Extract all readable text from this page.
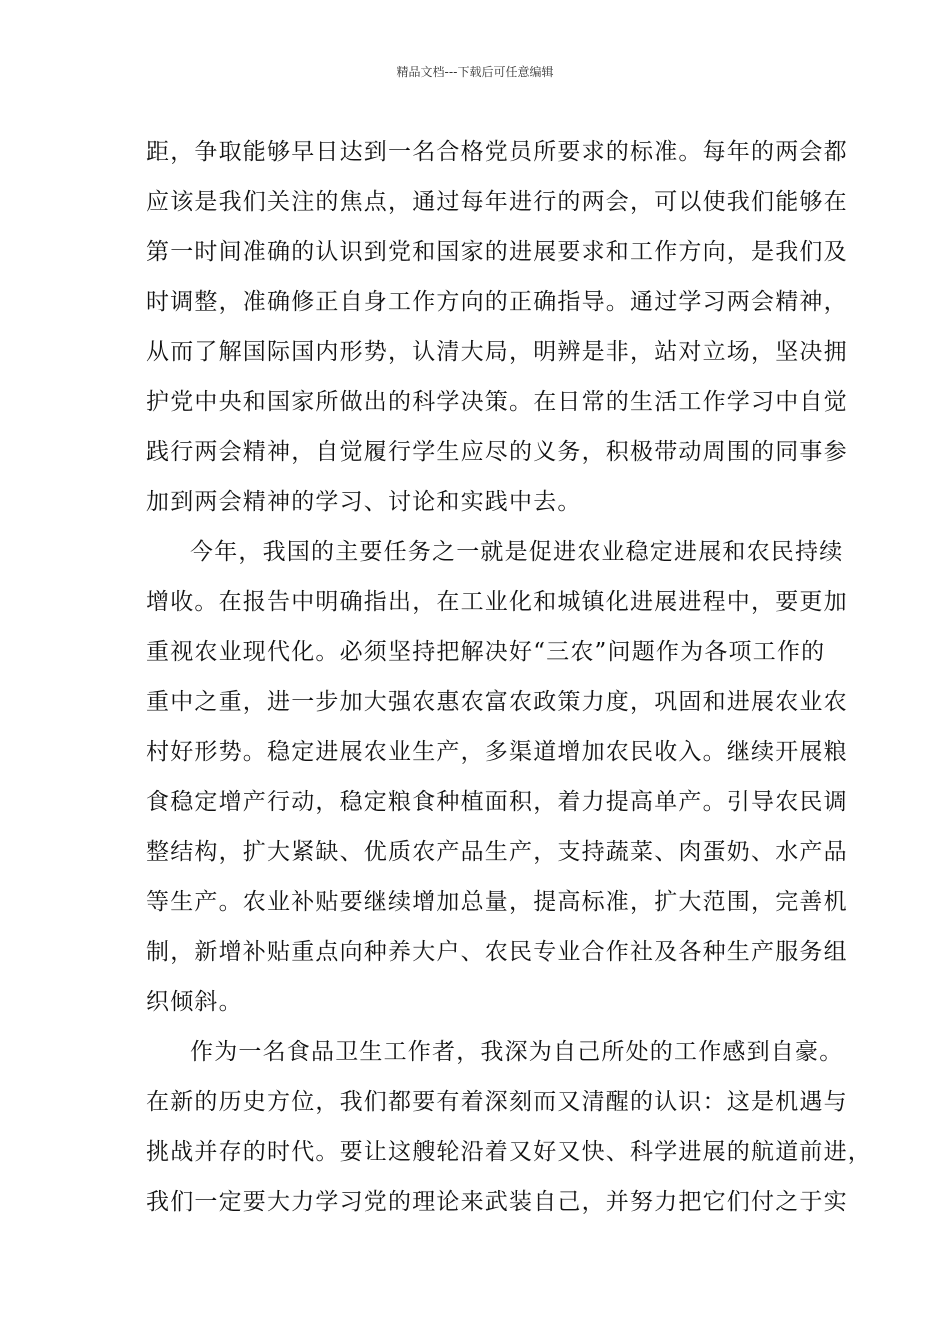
精品文档---下载后可任意编辑
距，争取能够早日达到一名合格党员所要求的标准。每年的两会都
应该是我们关注的焦点，通过每年进行的两会，可以使我们能够在
第一时间准确的认识到党和国家的进展要求和工作方向，是我们及
时调整，准确修正自身工作方向的正确指导。通过学习两会精神，
从而了解国际国内形势，认清大局，明辨是非，站对立场，坚决拥
护党中央和国家所做出的科学决策。在日常的生活工作学习中自觉
践行两会精神，自觉履行学生应尽的义务，积极带动周围的同事参
加到两会精神的学习、讨论和实践中去。
今年，我国的主要任务之一就是促进农业稳定进展和农民持续
增收。在报告中明确指出，在工业化和城镇化进展进程中，要更加
重视农业现代化。必须坚持把解决好“三农”问题作为各项工作的
重中之重，进一步加大强农惠农富农政策力度，巩固和进展农业农
村好形势。稳定进展农业生产，多渠道增加农民收入。继续开展粮
食稳定增产行动，稳定粮食种植面积，着力提高单产。引导农民调
整结构，扩大紧缺、优质农产品生产，支持蔬菜、肉蛋奶、水产品
等生产。农业补贴要继续增加总量，提高标准，扩大范围，完善机
制，新增补贴重点向种养大户、农民专业合作社及各种生产服务组
织倾斜。
作为一名食品卫生工作者，我深为自己所处的工作感到自豪。
在新的历史方位，我们都要有着深刻而又清醒的认识：这是机遇与
挑战并存的时代。要让这艘轮沿着又好又快、科学进展的航道前进，
我们一定要大力学习党的理论来武装自己，并努力把它们付之于实
